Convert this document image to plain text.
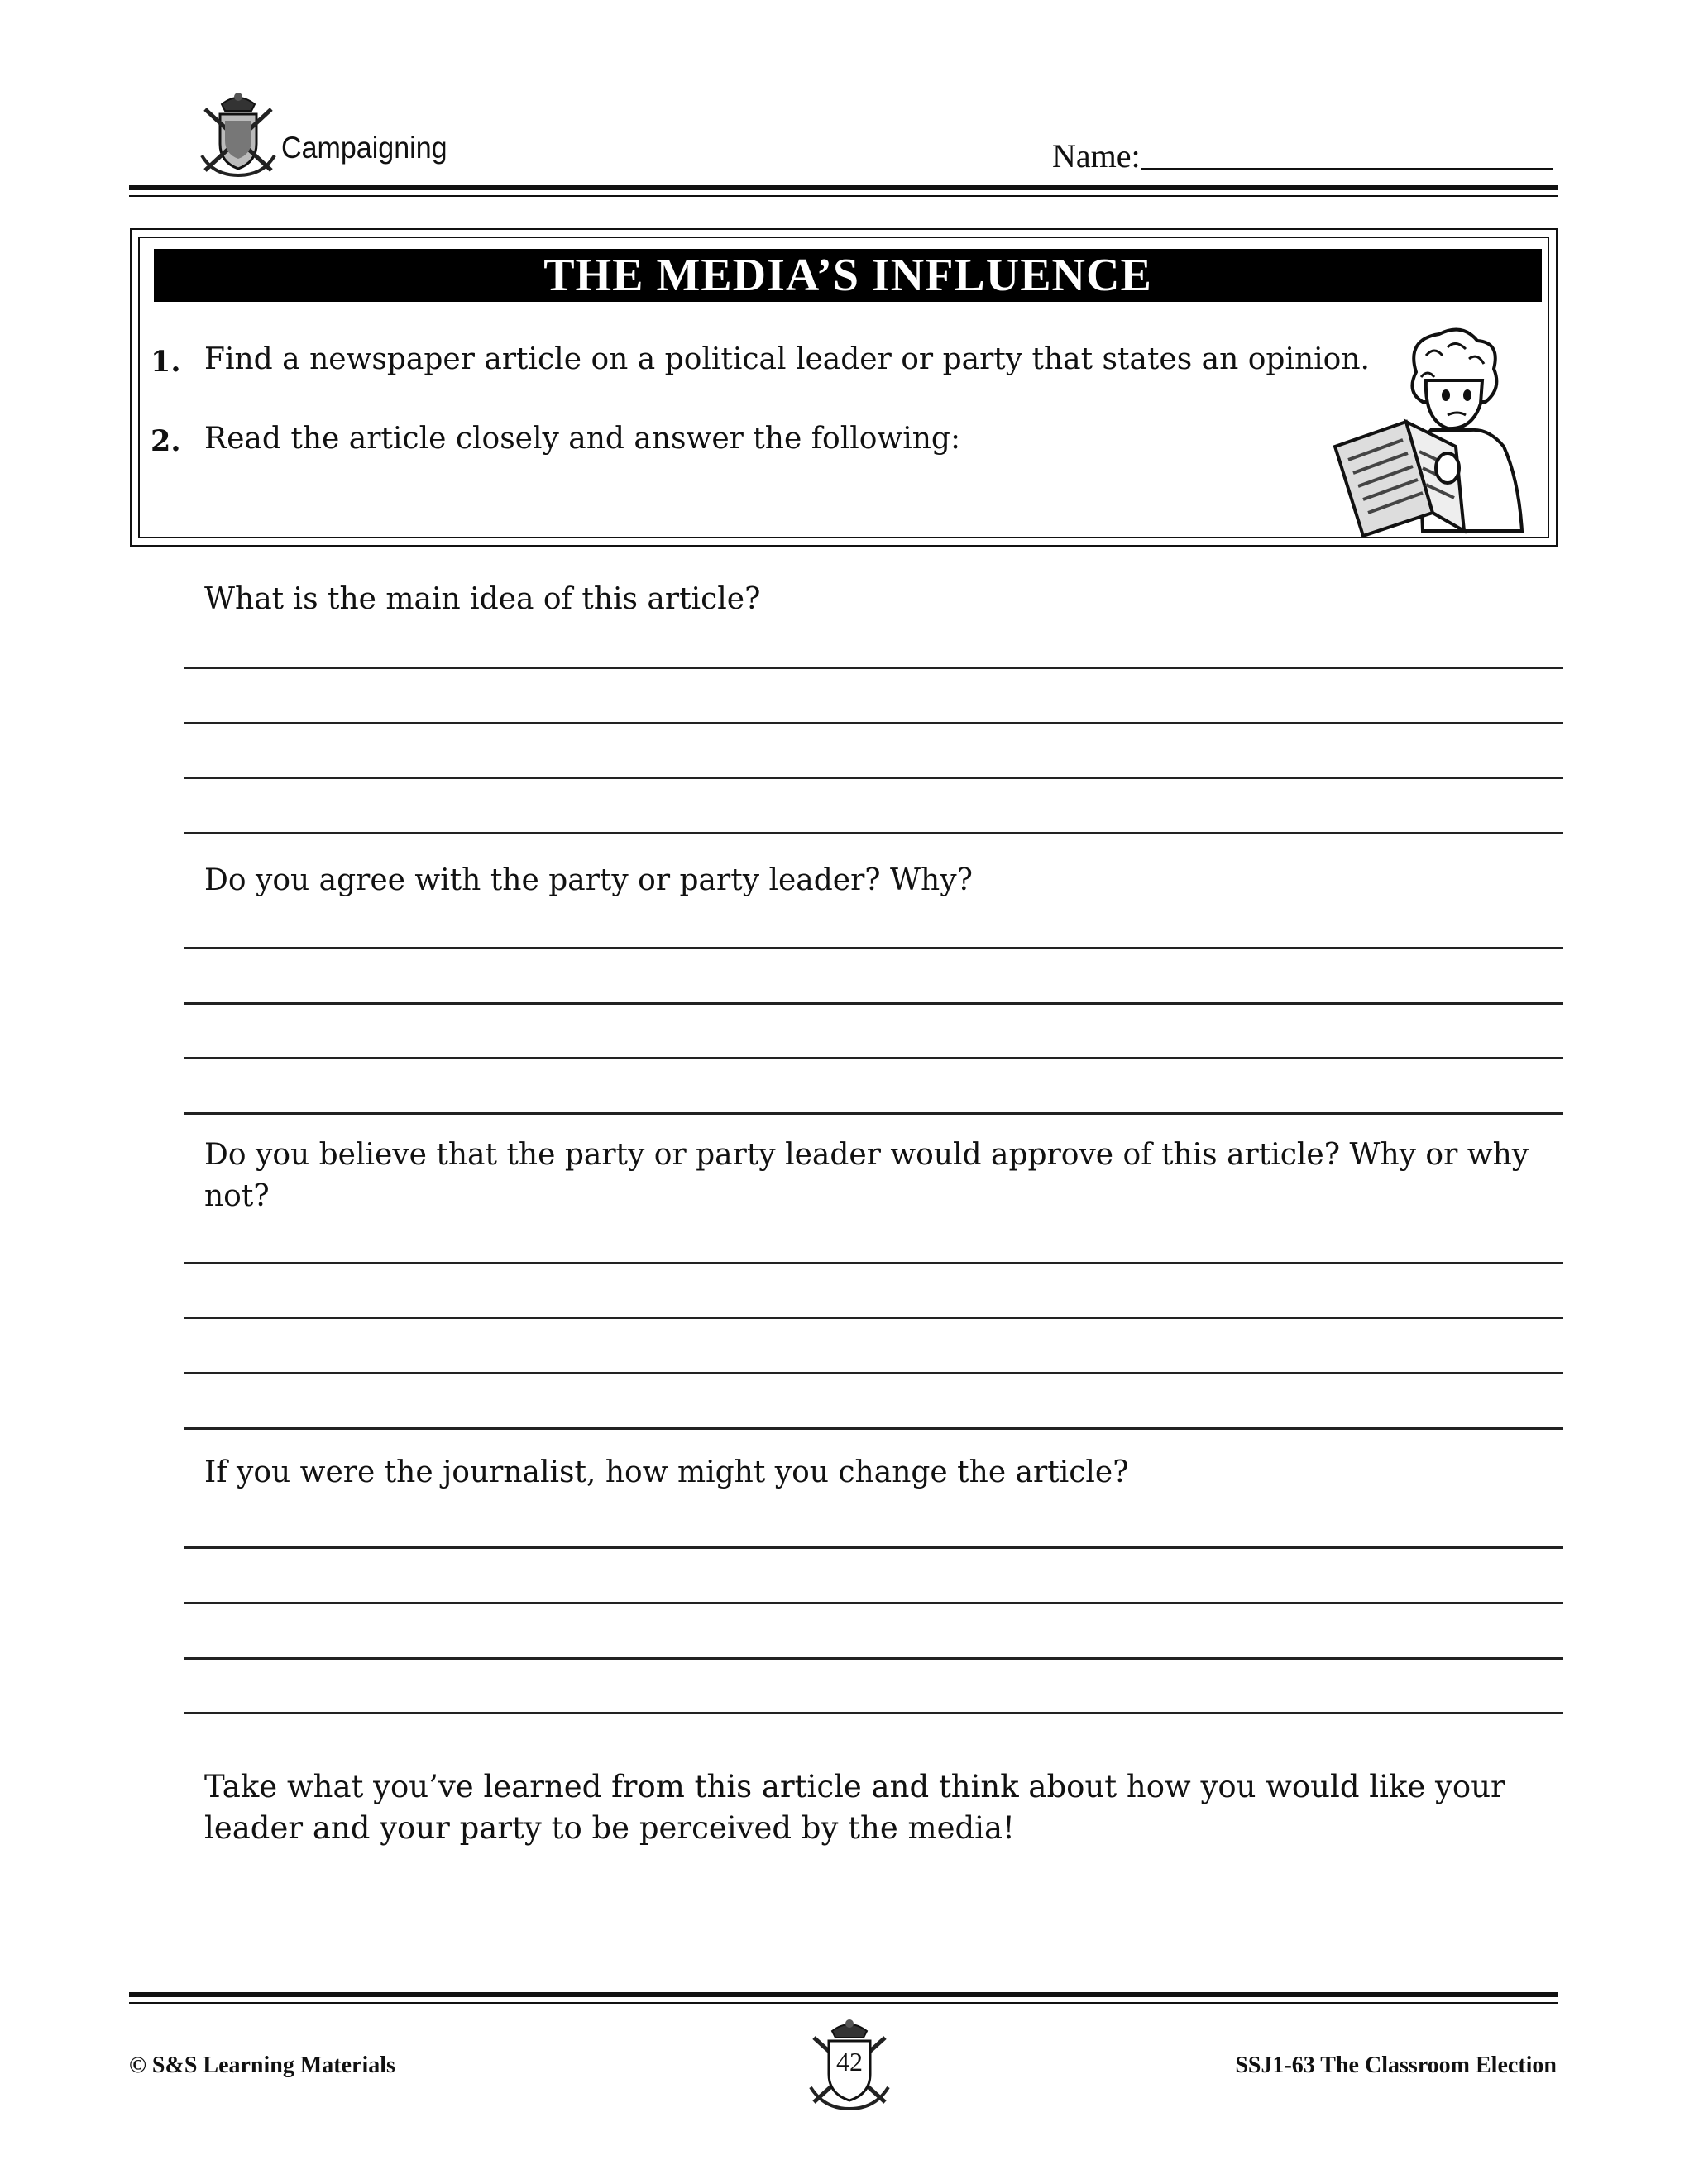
Campaigning	Name:
THE MEDIA’S INFLUENCE
1. Find a newspaper article on a political leader or party that states an opinion.
2. Read the article closely and answer the following:
What is the main idea of this article?
Do you agree with the party or party leader? Why?
Do you believe that the party or party leader would approve of this article? Why or why not?
If you were the journalist, how might you change the article?
Take what you’ve learned from this article and think about how you would like your leader and your party to be perceived by the media!
© S&S Learning Materials	42	SSJ1-63 The Classroom Election
